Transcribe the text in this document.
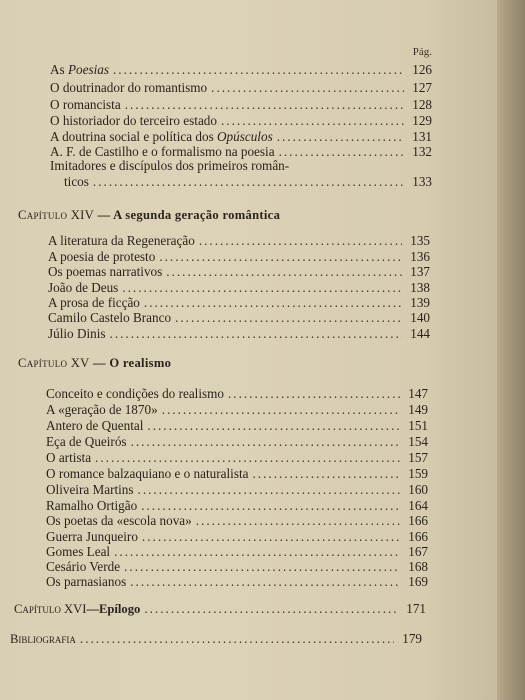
Pág.
As Poesias .....	126
O doutrinador do romantismo .....	127
O romancista .....	128
O historiador do terceiro estado .....	129
A doutrina social e política dos Opúsculos .....	131
A. F. de Castilho e o formalismo na poesia .....	132
Imitadores e discípulos dos primeiros român-
ticos .....	133
Capítulo XIV — A segunda geração romântica
A literatura da Regeneração .....	135
A poesia de protesto .....	136
Os poemas narrativos .....	137
João de Deus .....	138
A prosa de ficção .....	139
Camilo Castelo Branco .....	140
Júlio Dinis .....	144
Capítulo XV — O realismo
Conceito e condições do realismo .....	147
A «geração de 1870» .....	149
Antero de Quental .....	151
Eça de Queirós .....	154
O artista .....	157
O romance balzaquiano e o naturalista .....	159
Oliveira Martins .....	160
Ramalho Ortigão .....	164
Os poetas da «escola nova» .....	166
Guerra Junqueiro .....	166
Gomes Leal .....	167
Cesário Verde .....	168
Os parnasianos .....	169
Capítulo XVI — Epílogo .....	171
Bibliografia .....	179
